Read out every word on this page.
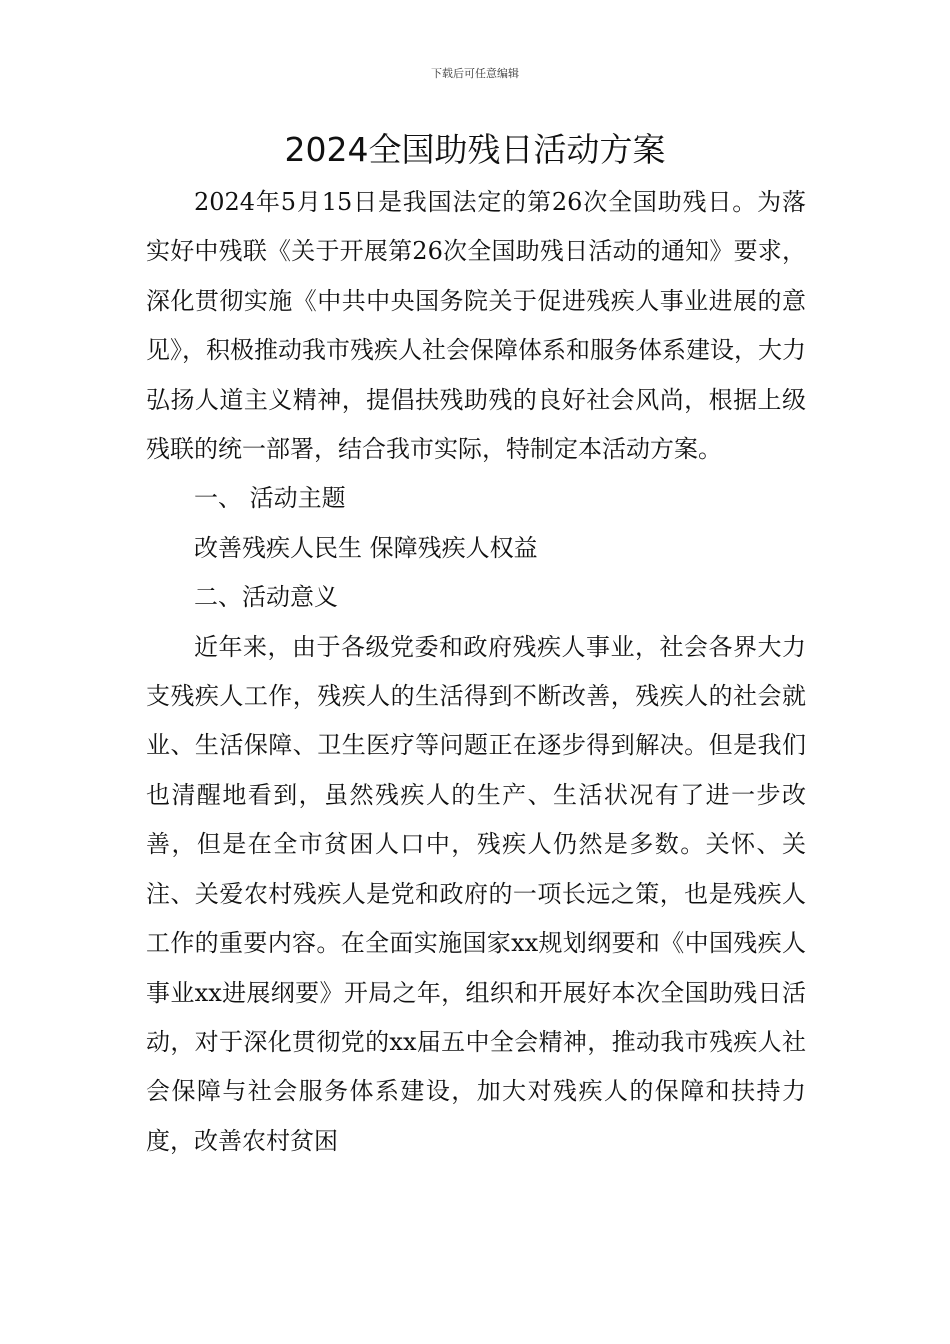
下载后可任意编辑
2024全国助残日活动方案

2024年5月15日是我国法定的第26次全国助残日。为落实好中残联《关于开展第26次全国助残日活动的通知》要求，深化贯彻实施《中共中央国务院关于促进残疾人事业进展的意见》，积极推动我市残疾人社会保障体系和服务体系建设，大力弘扬人道主义精神，提倡扶残助残的良好社会风尚，根据上级残联的统一部署，结合我市实际，特制定本活动方案。

一、 活动主题

改善残疾人民生 保障残疾人权益

二、活动意义

近年来，由于各级党委和政府残疾人事业，社会各界大力支残疾人工作，残疾人的生活得到不断改善，残疾人的社会就业、生活保障、卫生医疗等问题正在逐步得到解决。但是我们也清醒地看到，虽然残疾人的生产、生活状况有了进一步改善，但是在全市贫困人口中，残疾人仍然是多数。关怀、关注、关爱农村残疾人是党和政府的一项长远之策，也是残疾人工作的重要内容。在全面实施国家xx规划纲要和《中国残疾人事业xx进展纲要》开局之年，组织和开展好本次全国助残日活动，对于深化贯彻党的xx届五中全会精神，推动我市残疾人社会保障与社会服务体系建设，加大对残疾人的保障和扶持力度，改善农村贫困
